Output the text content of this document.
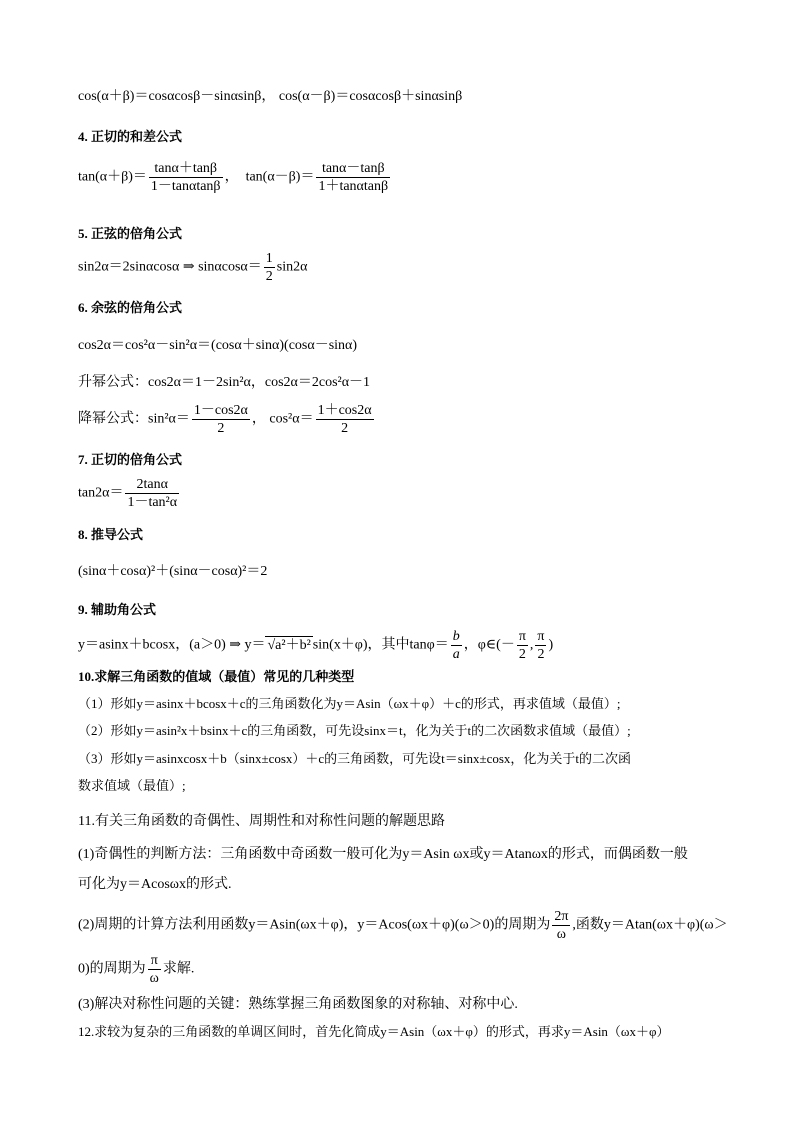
cos(α＋β)＝cosαcosβ－sinαsinβ， cos(α－β)＝cosαcosβ＋sinαsinβ
4. 正切的和差公式
$\tan(\alpha+\beta)= \frac{\tan\alpha+\tan\beta}{1-\tan\alpha\tan\beta}$ ， $\tan(\alpha-\beta)= \frac{\tan\alpha-\tan\beta}{1+\tan\alpha\tan\beta}$
5. 正弦的倍角公式
sin2α＝2sinαcosα ⇒ $\sin\alpha\cos\alpha= \frac{1}{2} \sin 2\alpha$
6. 余弦的倍角公式
cos2α＝cos²α－sin²α＝(cosα＋sinα)(cosα－sinα)
升幂公式：cos2α＝1－2sin²α，cos2α＝2cos²α－1
降幂公式：$\sin^2\alpha= \frac{1-\cos 2\alpha}{2}$ ， $\cos^2\alpha= \frac{1+\cos 2\alpha}{2}$
7. 正切的倍角公式
$\tan 2\alpha= \frac{2\tan\alpha}{\text{1－tan²α}}$
8. 推导公式
(sinα＋cosα)²＋(sinα－cosα)²＝2
9. 辅助角公式
y＝asinx＋bcosx，(a＞0) ⇒ y＝ √a²＋b² sin(x＋φ)，其中$\tan\varphi= \frac{b}{a}$ ，φ∈(－ $\frac{\pi}{2}$ , $\frac{\pi}{2}$ )
10.求解三角函数的值域（最值）常见的几种类型
（1）形如y＝asinx＋bcosx＋c的三角函数化为y＝Asin（ωx＋φ）＋c的形式，再求值域（最值）;
（2）形如y＝asin²x＋bsinx＋c的三角函数，可先设sinx＝t，化为关于t的二次函数求值域（最值）;
（3）形如y＝asinxcosx＋b（sinx±cosx）＋c的三角函数，可先设t＝sinx±cosx，化为关于t的二次函
数求值域（最值）;
11.有关三角函数的奇偶性、周期性和对称性问题的解题思路
(1)奇偶性的判断方法：三角函数中奇函数一般可化为y＝Asin ωx或y＝Atanωx的形式，而偶函数一般
可化为y＝Acosωx的形式.
(2)周期的计算方法利用函数y＝Asin(ωx＋φ)，y＝Acos(ωx＋φ)(ω＞0)的周期为 $\frac{2\pi}{\omega}$ ,函数y＝Atan(ωx＋φ)(ω＞
0)的周期为 $\frac{\pi}{\omega}$ 求解.
(3)解决对称性问题的关键：熟练掌握三角函数图象的对称轴、对称中心.
12.求较为复杂的三角函数的单调区间时，首先化简成y＝Asin（ωx＋φ）的形式，再求y＝Asin（ωx＋φ）
